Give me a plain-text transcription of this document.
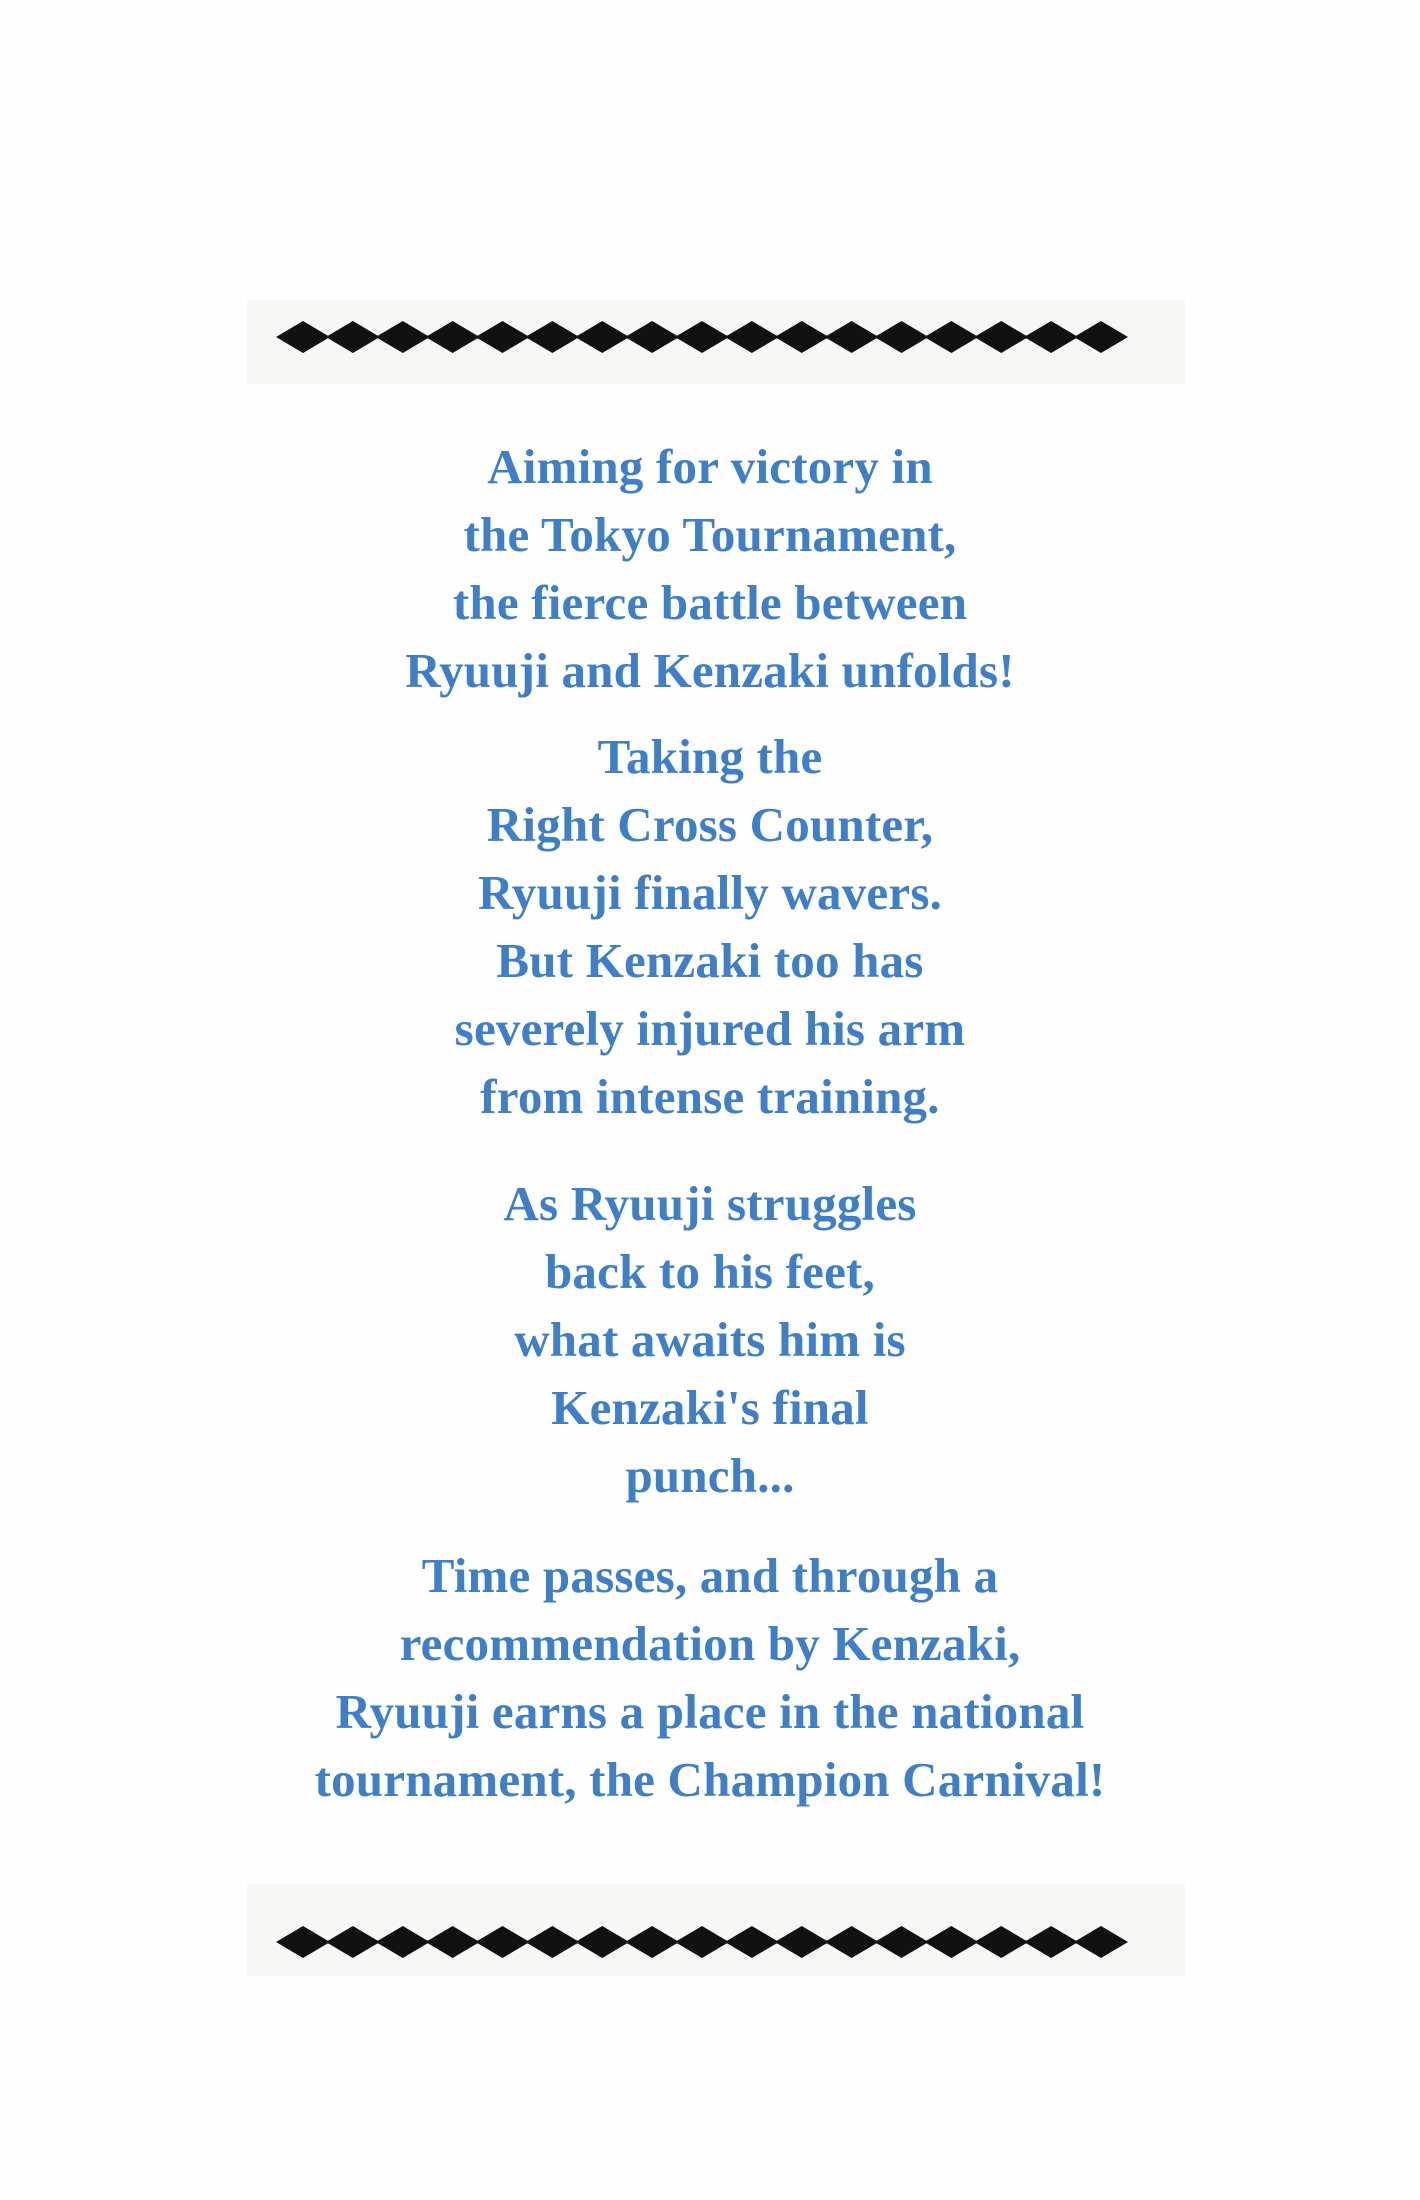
Aiming for victory in
the Tokyo Tournament,
the fierce battle between
Ryuuji and Kenzaki unfolds!
Taking the
Right Cross Counter,
Ryuuji finally wavers.
But Kenzaki too has
severely injured his arm
from intense training.
As Ryuuji struggles
back to his feet,
what awaits him is
Kenzaki's final
punch...
Time passes, and through a
recommendation by Kenzaki,
Ryuuji earns a place in the national
tournament, the Champion Carnival!
